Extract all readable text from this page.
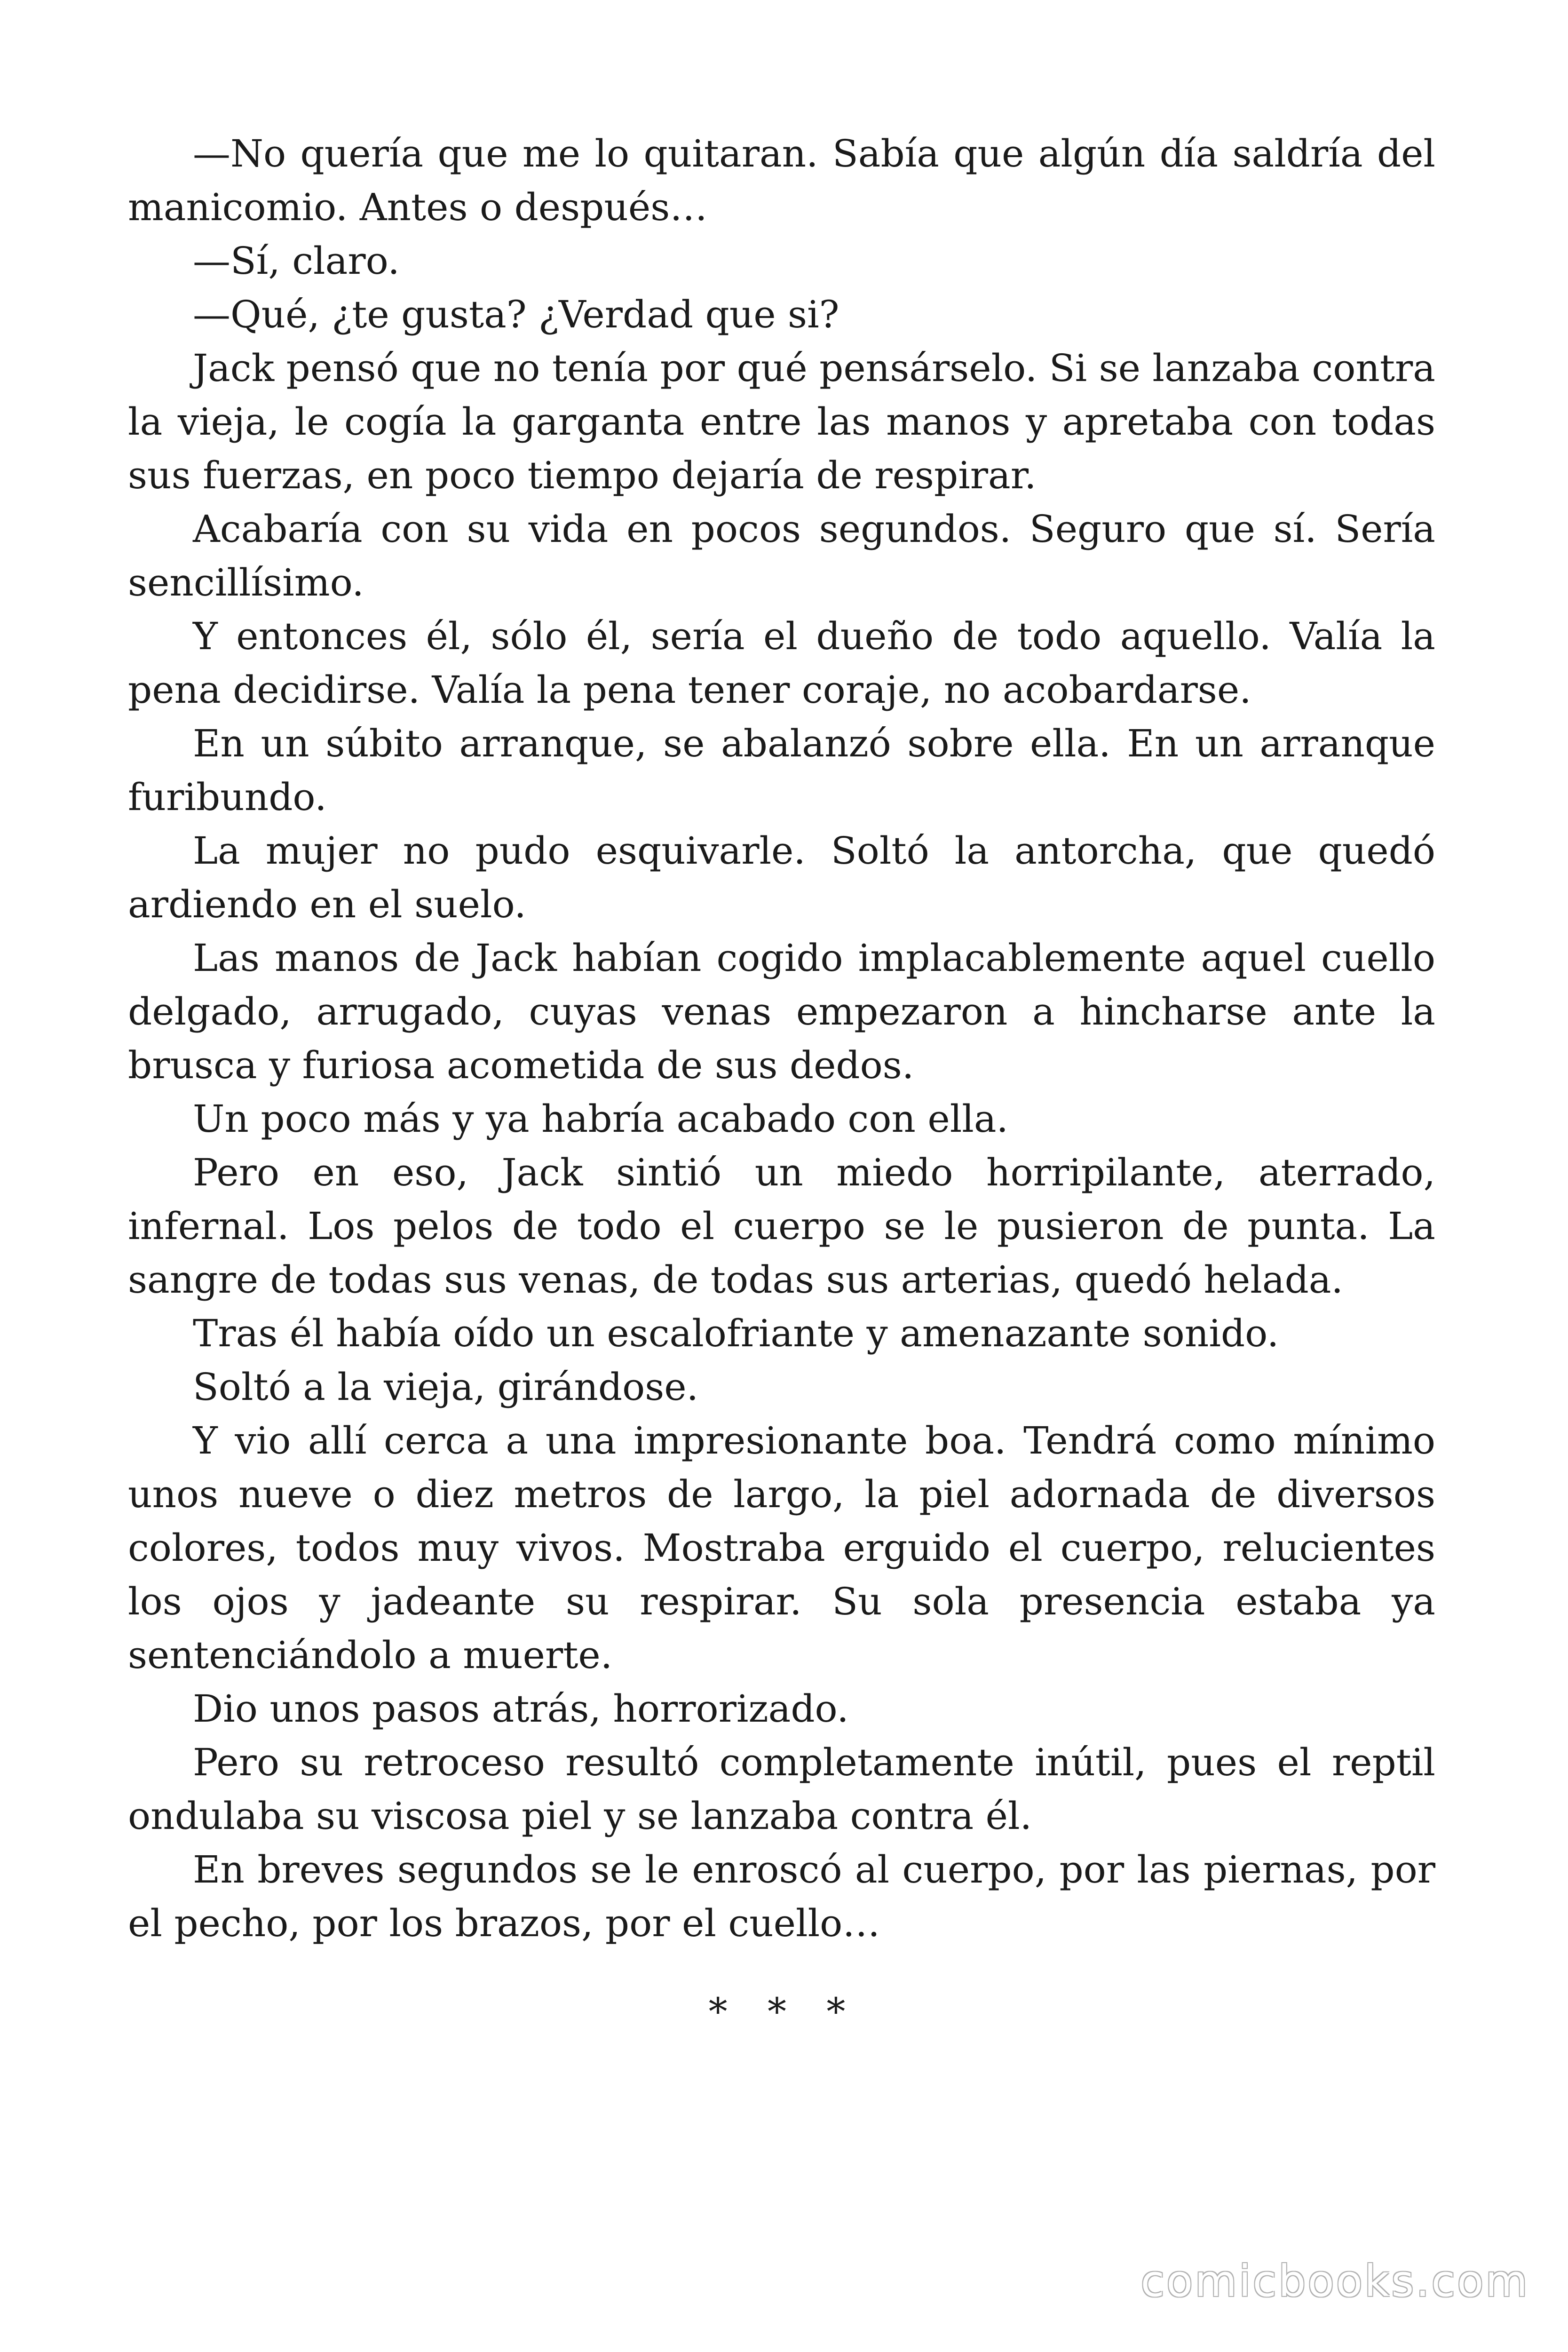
—No quería que me lo quitaran. Sabía que algún día saldría del manicomio. Antes o después…

—Sí, claro.

—Qué, ¿te gusta? ¿Verdad que si?

Jack pensó que no tenía por qué pensárselo. Si se lanzaba contra la vieja, le cogía la garganta entre las manos y apretaba con todas sus fuerzas, en poco tiempo dejaría de respirar.

Acabaría con su vida en pocos segundos. Seguro que sí. Sería sencillísimo.

Y entonces él, sólo él, sería el dueño de todo aquello. Valía la pena decidirse. Valía la pena tener coraje, no acobardarse.

En un súbito arranque, se abalanzó sobre ella. En un arranque furibundo.

La mujer no pudo esquivarle. Soltó la antorcha, que quedó ardiendo en el suelo.

Las manos de Jack habían cogido implacablemente aquel cuello delgado, arrugado, cuyas venas empezaron a hincharse ante la brusca y furiosa acometida de sus dedos.

Un poco más y ya habría acabado con ella.

Pero en eso, Jack sintió un miedo horripilante, aterrado, infernal. Los pelos de todo el cuerpo se le pusieron de punta. La sangre de todas sus venas, de todas sus arterias, quedó helada.

Tras él había oído un escalofriante y amenazante sonido.

Soltó a la vieja, girándose.

Y vio allí cerca a una impresionante boa. Tendrá como mínimo unos nueve o diez metros de largo, la piel adornada de diversos colores, todos muy vivos. Mostraba erguido el cuerpo, relucientes los ojos y jadeante su respirar. Su sola presencia estaba ya sentenciándolo a muerte.

Dio unos pasos atrás, horrorizado.

Pero su retroceso resultó completamente inútil, pues el reptil ondulaba su viscosa piel y se lanzaba contra él.

En breves segundos se le enroscó al cuerpo, por las piernas, por el pecho, por los brazos, por el cuello…

* * *
comicbooks.com
